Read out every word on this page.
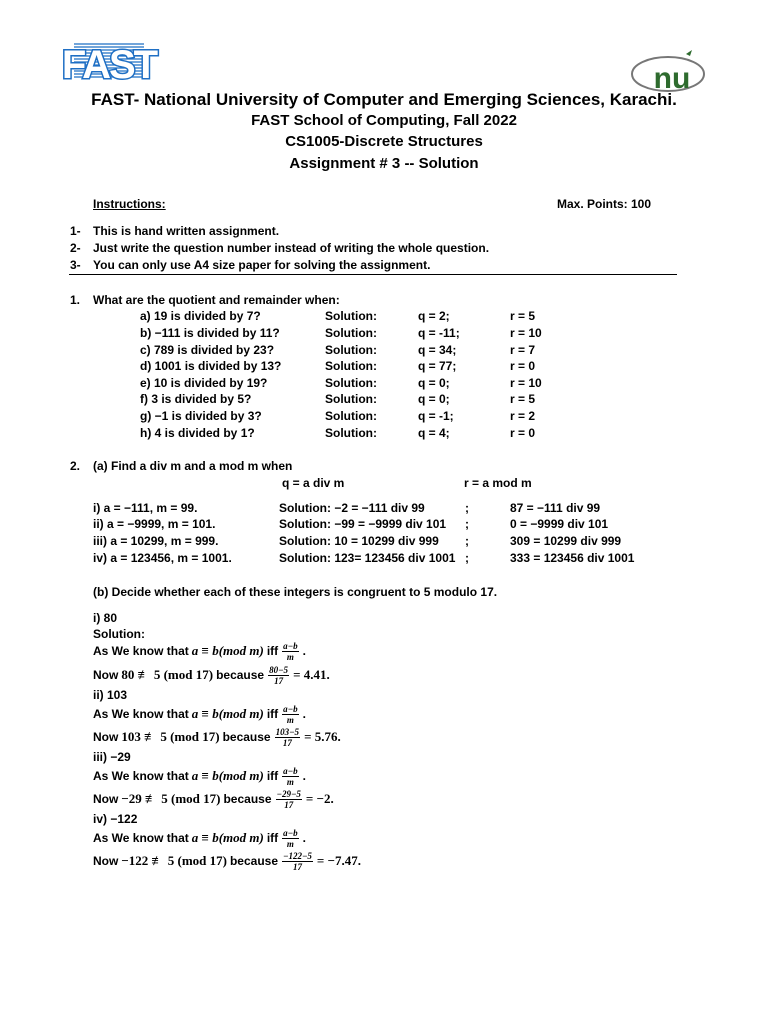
FAST	nu
FAST- National University of Computer and Emerging Sciences, Karachi.
FAST School of Computing, Fall 2022
CS1005-Discrete Structures
Assignment # 3 -- Solution
Instructions:	Max. Points: 100
1- This is hand written assignment.
2- Just write the question number instead of writing the whole question.
3- You can only use A4 size paper for solving the assignment.
1. What are the quotient and remainder when:
a) 19 is divided by 7?	Solution:	q = 2;	r = 5
b) −111 is divided by 11?	Solution:	q = -11;	r = 10
c) 789 is divided by 23?	Solution:	q = 34;	r = 7
d) 1001 is divided by 13?	Solution:	q = 77;	r = 0
e) 10 is divided by 19?	Solution:	q = 0;	r = 10
f) 3 is divided by 5?	Solution:	q = 0;	r = 5
g) −1 is divided by 3?	Solution:	q = -1;	r = 2
h) 4 is divided by 1?	Solution:	q = 4;	r = 0
2. (a) Find a div m and a mod m when
q = a div m	r = a mod m
i) a = −111, m = 99.	Solution: −2 = −111 div 99	;	87 = −111 div 99
ii) a = −9999, m = 101.	Solution: −99 = −9999 div 101 ;	0 = −9999 div 101
iii) a = 10299, m = 999.	Solution: 10 = 10299 div 999 ;	309 = 10299 div 999
iv) a = 123456, m = 1001.	Solution: 123= 123456 div 1001 ;	333 = 123456 div 1001
(b) Decide whether each of these integers is congruent to 5 modulo 17.
i) 80
Solution:
As We know that a ≡ b(mod m) iff $\frac{a-b}{m}$ .
Now 80 ≢ 5 (mod 17) because $\frac{80-5}{17} = 4.41$.
ii) 103
As We know that a ≡ b(mod m) iff $\frac{a-b}{m}$ .
Now 103 ≢ 5 (mod 17) because $\frac{103-5}{17} = 5.76$.
iii) −29
As We know that a ≡ b(mod m) iff $\frac{a-b}{m}$ .
Now −29 ≢ 5 (mod 17) because $\frac{-29-5}{17} = -2$.
iv) −122
As We know that a ≡ b(mod m) iff $\frac{a-b}{m}$ .
Now −122 ≢ 5 (mod 17) because $\frac{-122-5}{17} = -7.47$.
